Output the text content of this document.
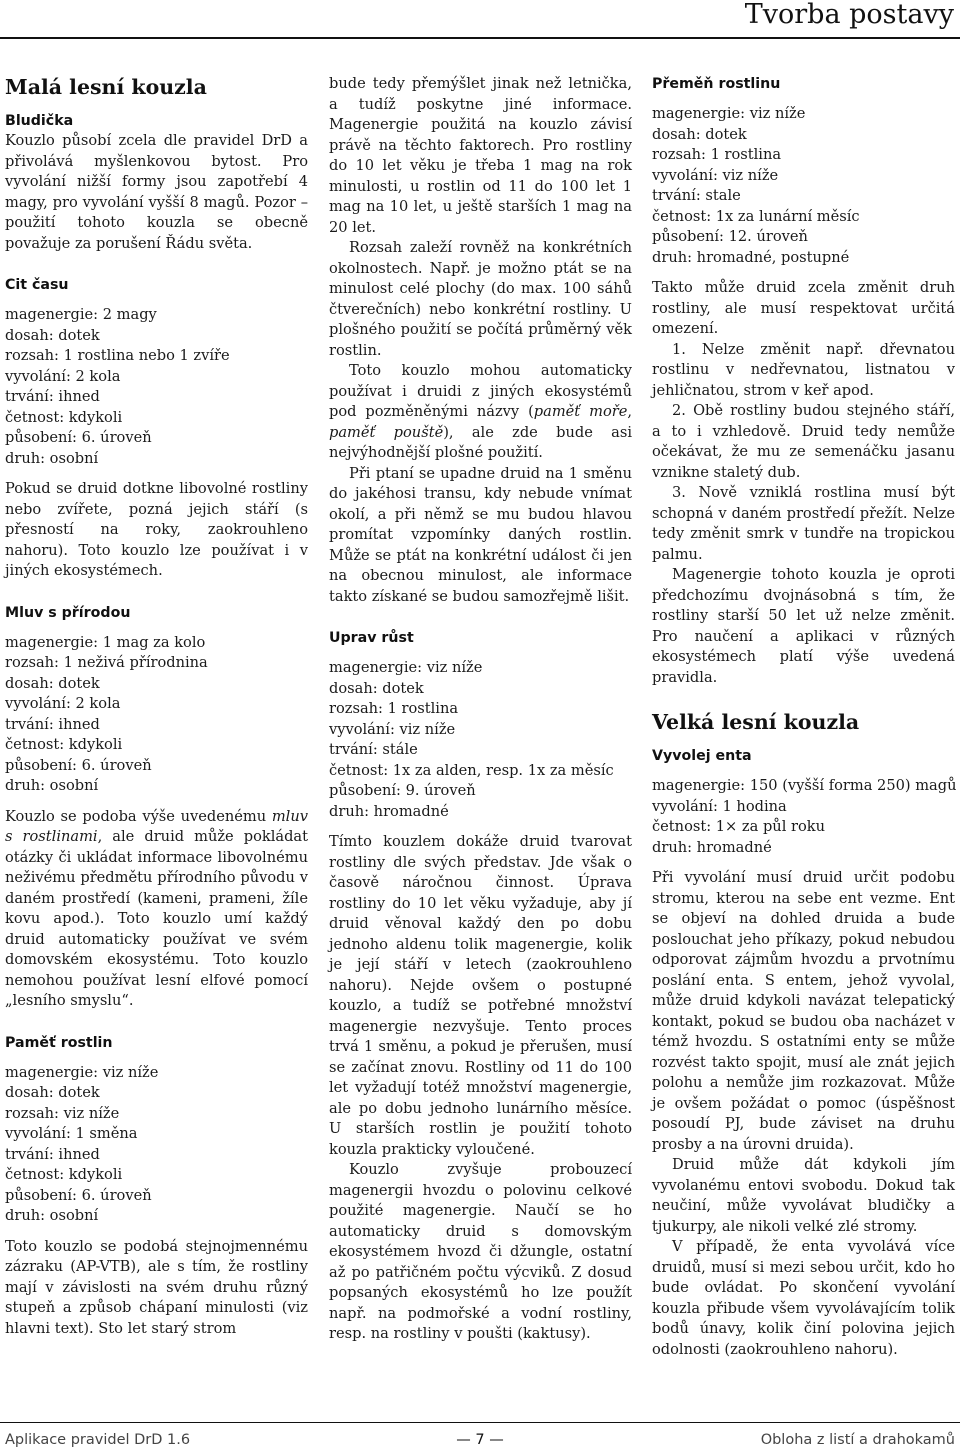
Tvorba postavy
Malá lesní kouzla
Bludička

Kouzlo působí zcela dle pravidel DrD a přivolává myšlenkovou bytost. Pro vyvolání nižší formy jsou zapotřebí 4 magy, pro vyvolání vyšší 8 magů. Pozor – použití tohoto kouzla se obecně považuje za porušení Řádu světa.

Cit času

magenergie: 2 magy

dosah: dotek

rozsah: 1 rostlina nebo 1 zvíře

vyvolání: 2 kola

trvání: ihned

četnost: kdykoli

působení: 6. úroveň

druh: osobní

Pokud se druid dotkne libovolné rostliny nebo zvířete, pozná jejich stáří (s přesností na roky, zaokrouhleno nahoru). Toto kouzlo lze používat i v jiných ekosystémech.

Mluv s přírodou

magenergie: 1 mag za kolo

rozsah: 1 neživá přírodnina

dosah: dotek

vyvolání: 2 kola

trvání: ihned

četnost: kdykoli

působení: 6. úroveň

druh: osobní

Kouzlo se podoba výše uvedenému mluv s rostlinami, ale druid může pokládat otázky či ukládat informace libovolnému neživému předmětu přírodního původu v daném prostředí (kameni, prameni, žíle kovu apod.). Toto kouzlo umí každý druid automaticky používat ve svém domovském ekosystému. Toto kouzlo nemohou používat lesní elfové pomocí „lesního smyslu“.

Paměť rostlin

magenergie: viz níže

dosah: dotek

rozsah: viz níže

vyvolání: 1 směna

trvání: ihned

četnost: kdykoli

působení: 6. úroveň

druh: osobní

Toto kouzlo se podobá stejnojmennému zázraku (AP-VTB), ale s tím, že rostliny mají v závislosti na svém druhu různý stupeň a způsob chápaní minulosti (viz hlavni text). Sto let starý strom

bude tedy přemýšlet jinak než letnička, a tudíž poskytne jiné informace. Magenergie použitá na kouzlo závisí právě na těchto faktorech. Pro rostliny do 10 let věku je třeba 1 mag na rok minulosti, u rostlin od 11 do 100 let 1 mag na 10 let, u ještě starších 1 mag na 20 let.

Rozsah zaleží rovněž na konkrétních okolnostech. Např. je možno ptát se na minulost celé plochy (do max. 100 sáhů čtverečních) nebo konkrétní rostliny. U plošného použití se počítá průměrný věk rostlin.

Toto kouzlo mohou automaticky používat i druidi z jiných ekosystémů pod pozměněnými názvy (paměť moře, paměť pouště), ale zde bude asi nejvýhodnější plošné použití.

Při ptaní se upadne druid na 1 směnu do jakéhosi transu, kdy nebude vnímat okolí, a při němž se mu budou hlavou promítat vzpomínky daných rostlin. Může se ptát na konkrétní událost či jen na obecnou minulost, ale informace takto získané se budou samozřejmě lišit.

Uprav růst

magenergie: viz níže

dosah: dotek

rozsah: 1 rostlina

vyvolání: viz níže

trvání: stále

četnost: 1x za alden, resp. 1x za měsíc

působení: 9. úroveň

druh: hromadné

Tímto kouzlem dokáže druid tvarovat rostliny dle svých představ. Jde však o časově náročnou činnost. Úprava rostliny do 10 let věku vyžaduje, aby jí druid věnoval každý den po dobu jednoho aldenu tolik magenergie, kolik je její stáří v letech (zaokrouhleno nahoru). Nejde ovšem o postupné kouzlo, a tudíž se potřebné množství magenergie nezvyšuje. Tento proces trvá 1 směnu, a pokud je přerušen, musí se začínat znovu. Rostliny od 11 do 100 let vyžadují totéž množství magenergie, ale po dobu jednoho lunárního měsíce. U starších rostlin je použití tohoto kouzla prakticky vyloučené.

Kouzlo zvyšuje probouzecí magenergii hvozdu o polovinu celkové použité magenergie. Naučí se ho automaticky druid s domovským ekosystémem hvozd či džungle, ostatní až po patřičném počtu výcviků. Z dosud popsaných ekosystémů ho lze použít např. na podmořské a vodní rostliny, resp. na rostliny v poušti (kaktusy).

Přeměň rostlinu

magenergie: viz níže

dosah: dotek

rozsah: 1 rostlina

vyvolání: viz níže

trvání: stale

četnost: 1x za lunární měsíc

působení: 12. úroveň

druh: hromadné, postupné

Takto může druid zcela změnit druh rostliny, ale musí respektovat určitá omezení.

1. Nelze změnit např. dřevnatou rostlinu v nedřevnatou, listnatou v jehličnatou, strom v keř apod.

2. Obě rostliny budou stejného stáří, a to i vzhledově. Druid tedy nemůže očekávat, že mu ze semenáčku jasanu vznikne staletý dub.

3. Nově vzniklá rostlina musí být schopná v daném prostředí přežít. Nelze tedy změnit smrk v tundře na tropickou palmu.

Magenergie tohoto kouzla je oproti předchozímu dvojnásobná s tím, že rostliny starší 50 let už nelze změnit. Pro naučení a aplikaci v různých ekosystémech platí výše uvedená pravidla.

Velká lesní kouzla
Vyvolej enta

magenergie: 150 (vyšší forma 250) magů

vyvolání: 1 hodina

četnost: 1× za půl roku

druh: hromadné

Při vyvolání musí druid určit podobu stromu, kterou na sebe ent vezme. Ent se objeví na dohled druida a bude poslouchat jeho příkazy, pokud nebudou odporovat zájmům hvozdu a prvotnímu poslání enta. S entem, jehož vyvolal, může druid kdykoli navázat telepatický kontakt, pokud se budou oba nacházet v témž hvozdu. S ostatními enty se může rozvést takto spojit, musí ale znát jejich polohu a nemůže jim rozkazovat. Může je ovšem požádat o pomoc (úspěšnost posoudí PJ, bude záviset na druhu prosby a na úrovni druida).

Druid může dát kdykoli jím vyvolanému entovi svobodu. Dokud tak neučiní, může vyvolávat bludičky a tjukurpy, ale nikoli velké zlé stromy.

V případě, že enta vyvolává více druidů, musí si mezi sebou určit, kdo ho bude ovládat. Po skončení vyvolání kouzla přibude všem vyvolávajícím tolik bodů únavy, kolik činí polovina jejich odolnosti (zaokrouhleno nahoru).

Aplikace pravidel DrD 1.6	— 7 —	Obloha z listí a drahokamů
